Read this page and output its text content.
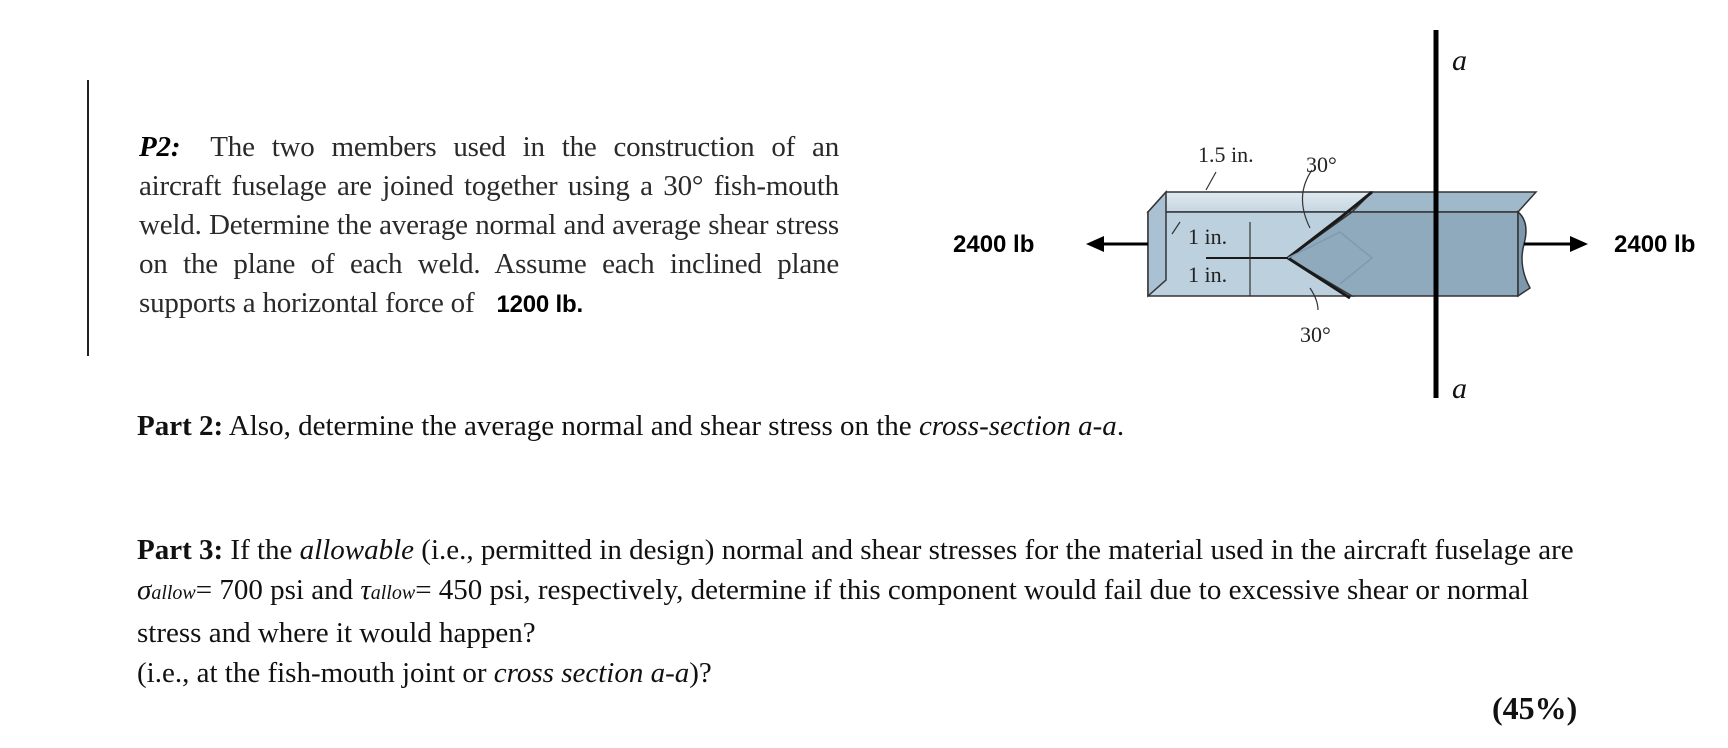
P2: The two members used in the construction of an aircraft fuselage are joined together using a 30° fish-mouth weld. Determine the average normal and average shear stress on the plane of each weld. Assume each inclined plane supports a horizontal force of 1200 lb.
2400 lb	2400 lb
1.5 in.
1 in.
1 in.
30°
30°
a
a
Part 2: Also, determine the average normal and shear stress on the cross-section a-a.
Part 3: If the allowable (i.e., permitted in design) normal and shear stresses for the material used in the aircraft fuselage are σallow= 700 psi and τallow= 450 psi, respectively, determine if this component would fail due to excessive shear or normal stress and where it would happen?
(i.e., at the fish-mouth joint or cross section a-a)?
(45%)
